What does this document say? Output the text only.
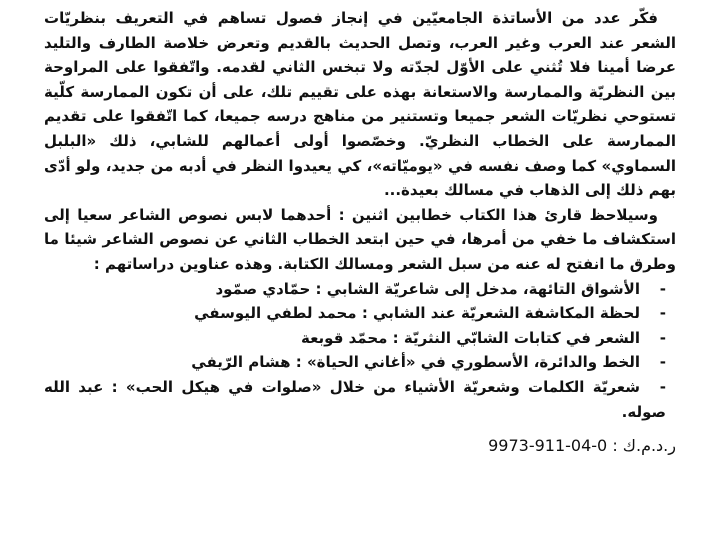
فكّر عدد من الأساتذة الجامعيّين في إنجاز فصول تساهم في التعريف بنظريّات الشعر عند العرب وغير العرب، وتصل الحديث بالقديم وتعرض خلاصة الطارف والتليد عرضا أمينا فلا تُثني على الأوّل لجدّته ولا تبخس الثاني لقدمه. واتّفقوا على المراوحة بين النظريّة والممارسة والاستعانة بهذه على تقييم تلك، على أن تكون الممارسة كلّية تستوحي نظريّات الشعر جميعا وتستنير من مناهج درسه جميعا، كما اتّفقوا على تقديم الممارسة على الخطاب النظريّ. وخصّصوا أولى أعمالهم للشابي، ذلك «البلبل السماوي» كما وصف نفسه في «يوميّاته»، كي يعيدوا النظر في أدبه من جديد، ولو أدّى بهم ذلك إلى الذهاب في مسالك بعيدة...

وسيلاحظ قارئ هذا الكتاب خطابين اثنين : أحدهما لابس نصوص الشاعر سعيا إلى استكشاف ما خفي من أمرها، في حين ابتعد الخطاب الثاني عن نصوص الشاعر شيئا ما وطرق ما انفتح له عنه من سبل الشعر ومسالك الكتابة. وهذه عناوين دراساتهم :

-الأشواق التائهة، مدخل إلى شاعريّة الشابي : حمّادي صمّود
-لحظة المكاشفة الشعريّة عند الشابي : محمد لطفي اليوسفي
-الشعر في كتابات الشابّي النثريّة : محمّد قوبعة
-الخط والدائرة، الأسطوري في «أغاني الحياة» : هشام الرّيفي
-شعريّة الكلمات وشعريّة الأشياء من خلال «صلوات في هيكل الحب» : عبد الله صوله.

ر.د.م.ك : 9973-911-04-0
